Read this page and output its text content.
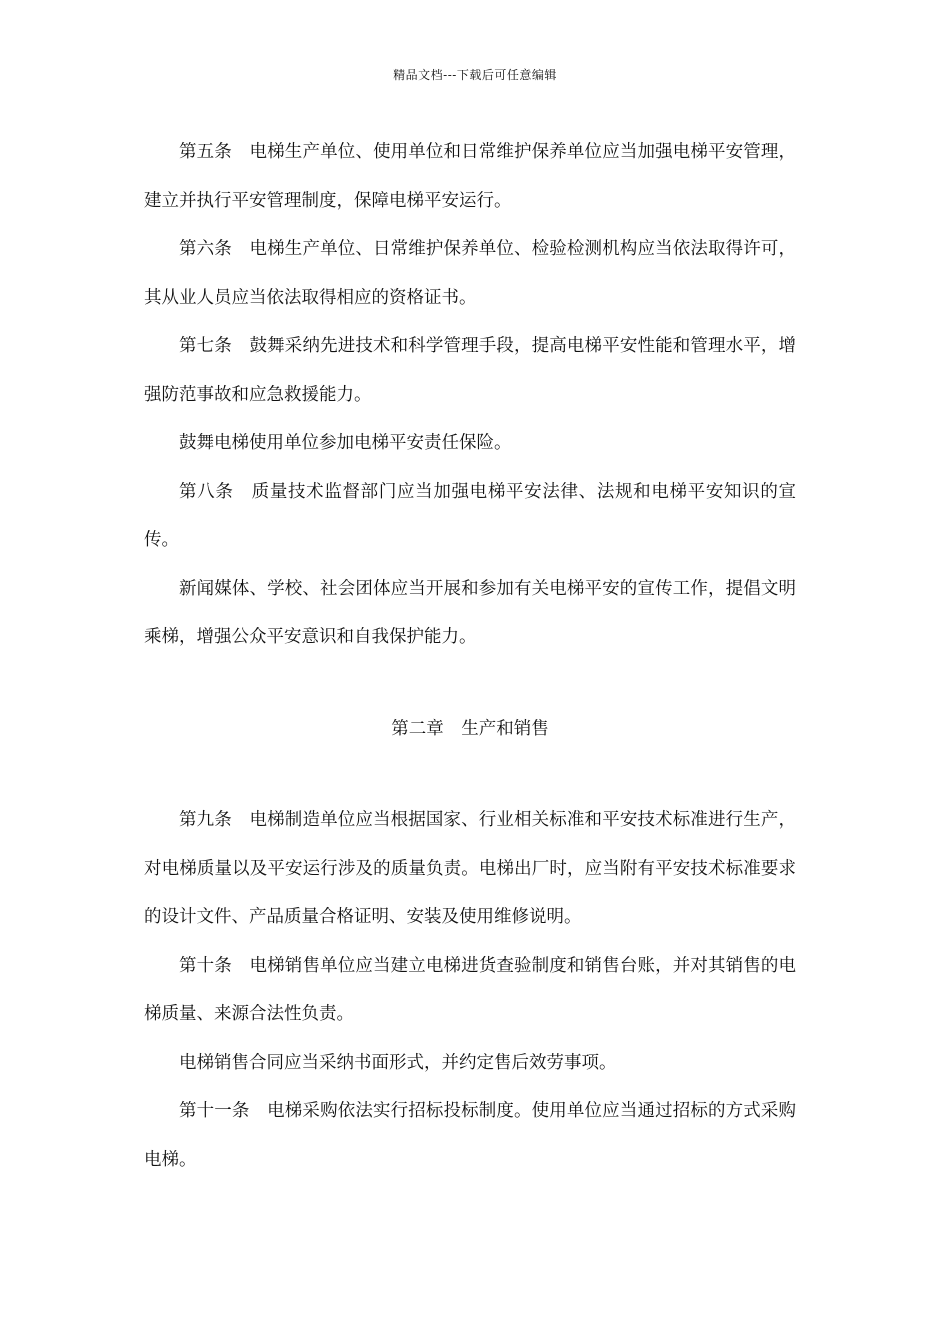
精品文档---下载后可任意编辑

第五条　 电梯生产单位、使用单位和日常维护保养单位应当加强电梯平安管理，建立并执行平安管理制度，保障电梯平安运行。

第六条　 电梯生产单位、日常维护保养单位、检验检测机构应当依法取得许可，其从业人员应当依法取得相应的资格证书。

第七条　 鼓舞采纳先进技术和科学管理手段，提高电梯平安性能和管理水平，增强防范事故和应急救援能力。

鼓舞电梯使用单位参加电梯平安责任保险。

第八条　 质量技术监督部门应当加强电梯平安法律、法规和电梯平安知识的宣传。

新闻媒体、学校、社会团体应当开展和参加有关电梯平安的宣传工作，提倡文明乘梯，增强公众平安意识和自我保护能力。

第二章　 生产和销售

第九条　 电梯制造单位应当根据国家、行业相关标准和平安技术标准进行生产，对电梯质量以及平安运行涉及的质量负责。电梯出厂时，应当附有平安技术标准要求的设计文件、产品质量合格证明、安装及使用维修说明。

第十条　 电梯销售单位应当建立电梯进货查验制度和销售台账，并对其销售的电梯质量、来源合法性负责。

电梯销售合同应当采纳书面形式，并约定售后效劳事项。

第十一条　 电梯采购依法实行招标投标制度。使用单位应当通过招标的方式采购电梯。
